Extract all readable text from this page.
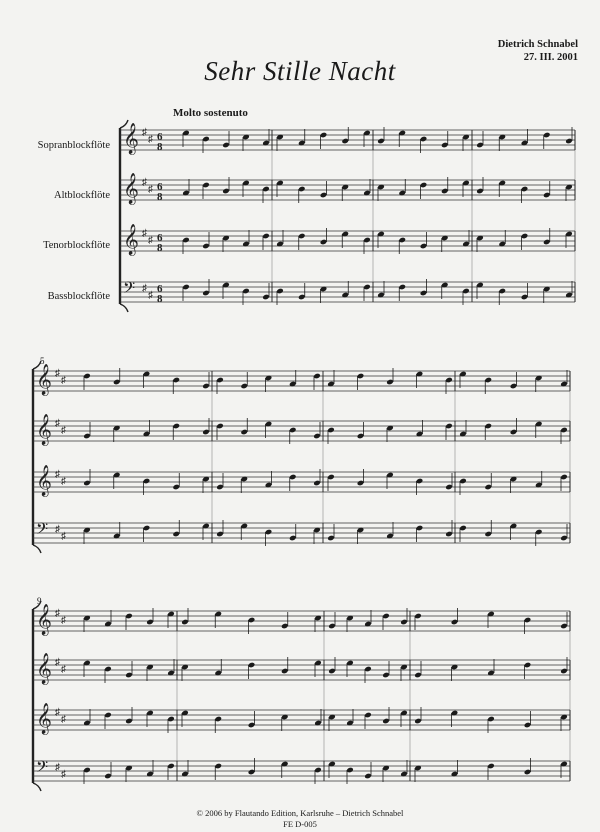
Dietrich Schnabel
27. III. 2001
Sehr Stille Nacht
Molto sostenuto
Sopranblockflöte
Altblockflöte
Tenorblockflöte
Bassblockflöte
5
9
𝄞 ♯
♯ 6
8
𝄞 ♯
♯ 6
8
𝄞 ♯
♯ 6
8
𝄢 ♯
♯
6
8
𝄞 ♯
♯
𝄞 ♯
♯
𝄞 ♯
♯
𝄢 ♯
♯
𝄞 ♯
♯
𝄞 ♯
♯
𝄞 ♯
♯
𝄢 ♯
♯
© 2006 by Flautando Edition, Karlsruhe – Dietrich Schnabel
FE D-005
